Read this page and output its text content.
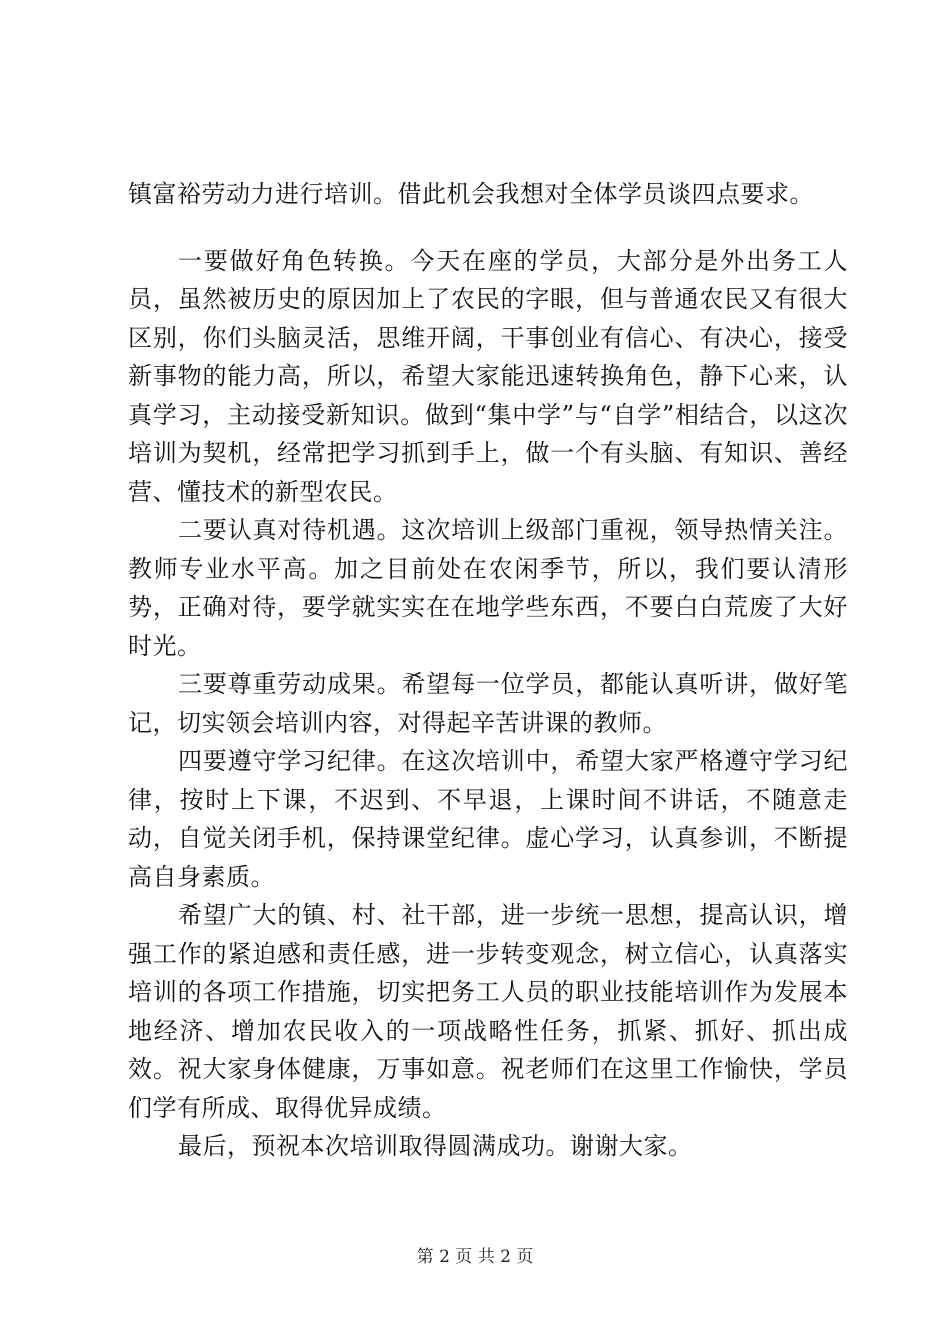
镇富裕劳动力进行培训。借此机会我想对全体学员谈四点要求。

一要做好角色转换。今天在座的学员，大部分是外出务工人员，虽然被历史的原因加上了农民的字眼，但与普通农民又有很大区别，你们头脑灵活，思维开阔，干事创业有信心、有决心，接受新事物的能力高，所以，希望大家能迅速转换角色，静下心来，认真学习，主动接受新知识。做到“集中学”与“自学”相结合，以这次培训为契机，经常把学习抓到手上，做一个有头脑、有知识、善经营、懂技术的新型农民。

二要认真对待机遇。这次培训上级部门重视，领导热情关注。教师专业水平高。加之目前处在农闲季节，所以，我们要认清形势，正确对待，要学就实实在在地学些东西，不要白白荒废了大好时光。

三要尊重劳动成果。希望每一位学员，都能认真听讲，做好笔记，切实领会培训内容，对得起辛苦讲课的教师。

四要遵守学习纪律。在这次培训中，希望大家严格遵守学习纪律，按时上下课，不迟到、不早退，上课时间不讲话，不随意走动，自觉关闭手机，保持课堂纪律。虚心学习，认真参训，不断提高自身素质。

希望广大的镇、村、社干部，进一步统一思想，提高认识，增强工作的紧迫感和责任感，进一步转变观念，树立信心，认真落实培训的各项工作措施，切实把务工人员的职业技能培训作为发展本地经济、增加农民收入的一项战略性任务，抓紧、抓好、抓出成效。祝大家身体健康，万事如意。祝老师们在这里工作愉快，学员们学有所成、取得优异成绩。

最后，预祝本次培训取得圆满成功。谢谢大家。

第 2 页 共 2 页
